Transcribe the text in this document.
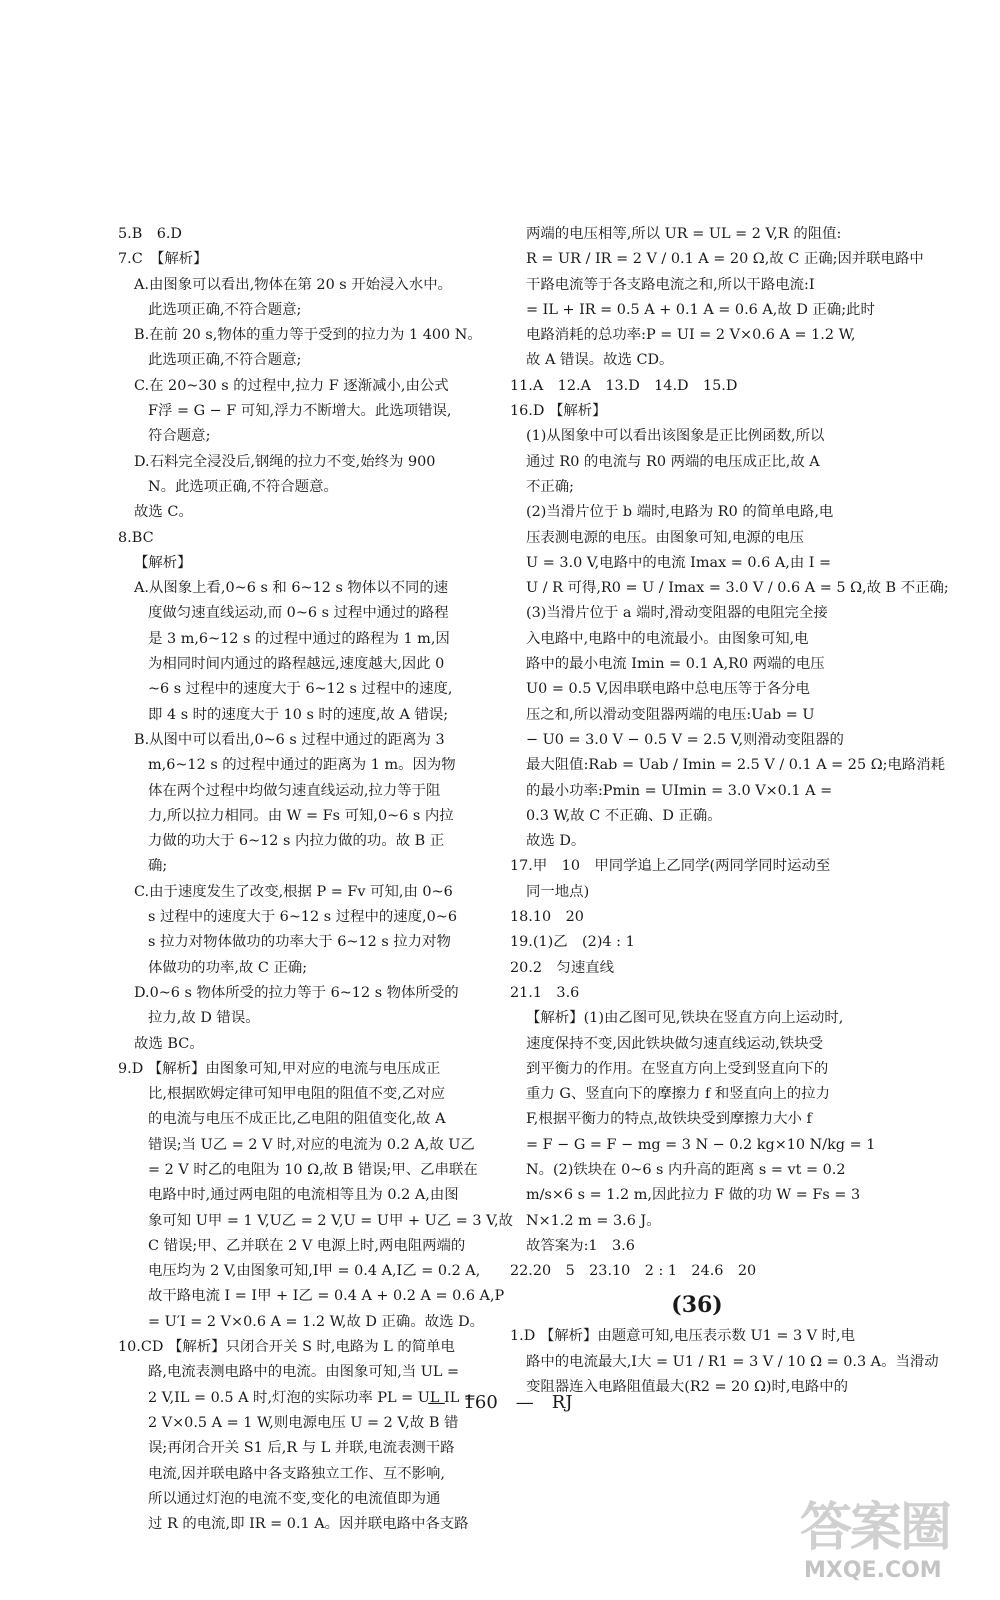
5.B　6.D
7.C　【解析】
A.由图象可以看出,物体在第 20 s 开始浸入水中。
此选项正确,不符合题意;
B.在前 20 s,物体的重力等于受到的拉力为 1 400 N。
此选项正确,不符合题意;
C.在 20~30 s 的过程中,拉力 F 逐渐减小,由公式
F浮 = G − F 可知,浮力不断增大。此选项错误,
符合题意;
D.石料完全浸没后,钢绳的拉力不变,始终为 900
N。此选项正确,不符合题意。
故选 C。
8.BC
【解析】
A.从图象上看,0~6 s 和 6~12 s 物体以不同的速
度做匀速直线运动,而 0~6 s 过程中通过的路程
是 3 m,6~12 s 的过程中通过的路程为 1 m,因
为相同时间内通过的路程越远,速度越大,因此 0
~6 s 过程中的速度大于 6~12 s 过程中的速度,
即 4 s 时的速度大于 10 s 时的速度,故 A 错误;
B.从图中可以看出,0~6 s 过程中通过的距离为 3
m,6~12 s 的过程中通过的距离为 1 m。因为物
体在两个过程中均做匀速直线运动,拉力等于阻
力,所以拉力相同。由 W = Fs 可知,0~6 s 内拉
力做的功大于 6~12 s 内拉力做的功。故 B 正
确;
C.由于速度发生了改变,根据 P = Fv 可知,由 0~6
s 过程中的速度大于 6~12 s 过程中的速度,0~6
s 拉力对物体做功的功率大于 6~12 s 拉力对物
体做功的功率,故 C 正确;
D.0~6 s 物体所受的拉力等于 6~12 s 物体所受的
拉力,故 D 错误。
故选 BC。
9.D 【解析】由图象可知,甲对应的电流与电压成正
比,根据欧姆定律可知甲电阻的阻值不变,乙对应
的电流与电压不成正比,乙电阻的阻值变化,故 A
错误;当 U乙 = 2 V 时,对应的电流为 0.2 A,故 U乙
= 2 V 时乙的电阻为 10 Ω,故 B 错误;甲、乙串联在
电路中时,通过两电阻的电流相等且为 0.2 A,由图
象可知 U甲 = 1 V,U乙 = 2 V,U = U甲 + U乙 = 3 V,故
C 错误;甲、乙并联在 2 V 电源上时,两电阻两端的
电压均为 2 V,由图象可知,I甲 = 0.4 A,I乙 = 0.2 A,
故干路电流 I = I甲 + I乙 = 0.4 A + 0.2 A = 0.6 A,P
= U′I = 2 V×0.6 A = 1.2 W,故 D 正确。故选 D。
10.CD 【解析】只闭合开关 S 时,电路为 L 的简单电
路,电流表测电路中的电流。由图象可知,当 UL =
2 V,IL = 0.5 A 时,灯泡的实际功率 PL = UL IL =
2 V×0.5 A = 1 W,则电源电压 U = 2 V,故 B 错
误;再闭合开关 S1 后,R 与 L 并联,电流表测干路
电流,因并联电路中各支路独立工作、互不影响,
所以通过灯泡的电流不变,变化的电流值即为通
过 R 的电流,即 IR = 0.1 A。因并联电路中各支路
两端的电压相等,所以 UR = UL = 2 V,R 的阻值:
R = UR / IR = 2 V / 0.1 A = 20 Ω,故 C 正确;因并联电路中
干路电流等于各支路电流之和,所以干路电流:I
= IL + IR = 0.5 A + 0.1 A = 0.6 A,故 D 正确;此时
电路消耗的总功率:P = UI = 2 V×0.6 A = 1.2 W,
故 A 错误。故选 CD。
11.A　12.A　13.D　14.D　15.D
16.D 【解析】
(1)从图象中可以看出该图象是正比例函数,所以
通过 R0 的电流与 R0 两端的电压成正比,故 A
不正确;
(2)当滑片位于 b 端时,电路为 R0 的简单电路,电
压表测电源的电压。由图象可知,电源的电压
U = 3.0 V,电路中的电流 Imax = 0.6 A,由 I =
U / R 可得,R0 = U / Imax = 3.0 V / 0.6 A = 5 Ω,故 B 不正确;
(3)当滑片位于 a 端时,滑动变阻器的电阻完全接
入电路中,电路中的电流最小。由图象可知,电
路中的最小电流 Imin = 0.1 A,R0 两端的电压
U0 = 0.5 V,因串联电路中总电压等于各分电
压之和,所以滑动变阻器两端的电压:Uab = U
− U0 = 3.0 V − 0.5 V = 2.5 V,则滑动变阻器的
最大阻值:Rab = Uab / Imin = 2.5 V / 0.1 A = 25 Ω;电路消耗
的最小功率:Pmin = UImin = 3.0 V×0.1 A =
0.3 W,故 C 不正确、D 正确。
故选 D。
17.甲　10　甲同学追上乙同学(两同学同时运动至
同一地点)
18.10　20
19.(1)乙　(2)4 : 1
20.2　匀速直线
21.1　3.6
【解析】(1)由乙图可见,铁块在竖直方向上运动时,
速度保持不变,因此铁块做匀速直线运动,铁块受
到平衡力的作用。在竖直方向上受到竖直向下的
重力 G、竖直向下的摩擦力 f 和竖直向上的拉力
F,根据平衡力的特点,故铁块受到摩擦力大小 f
= F − G = F − mg = 3 N − 0.2 kg×10 N/kg = 1
N。(2)铁块在 0~6 s 内升高的距离 s = vt = 0.2
m/s×6 s = 1.2 m,因此拉力 F 做的功 W = Fs = 3
N×1.2 m = 3.6 J。
故答案为:1　3.6
22.20　5　23.10　2 : 1　24.6　20
(36)
1.D 【解析】由题意可知,电压表示数 U1 = 3 V 时,电
路中的电流最大,I大 = U1 / R1 = 3 V / 10 Ω = 0.3 A。当滑动
变阻器连入电路阻值最大(R2 = 20 Ω)时,电路中的
—　160　—　RJ
答案圈
MXQE.COM
